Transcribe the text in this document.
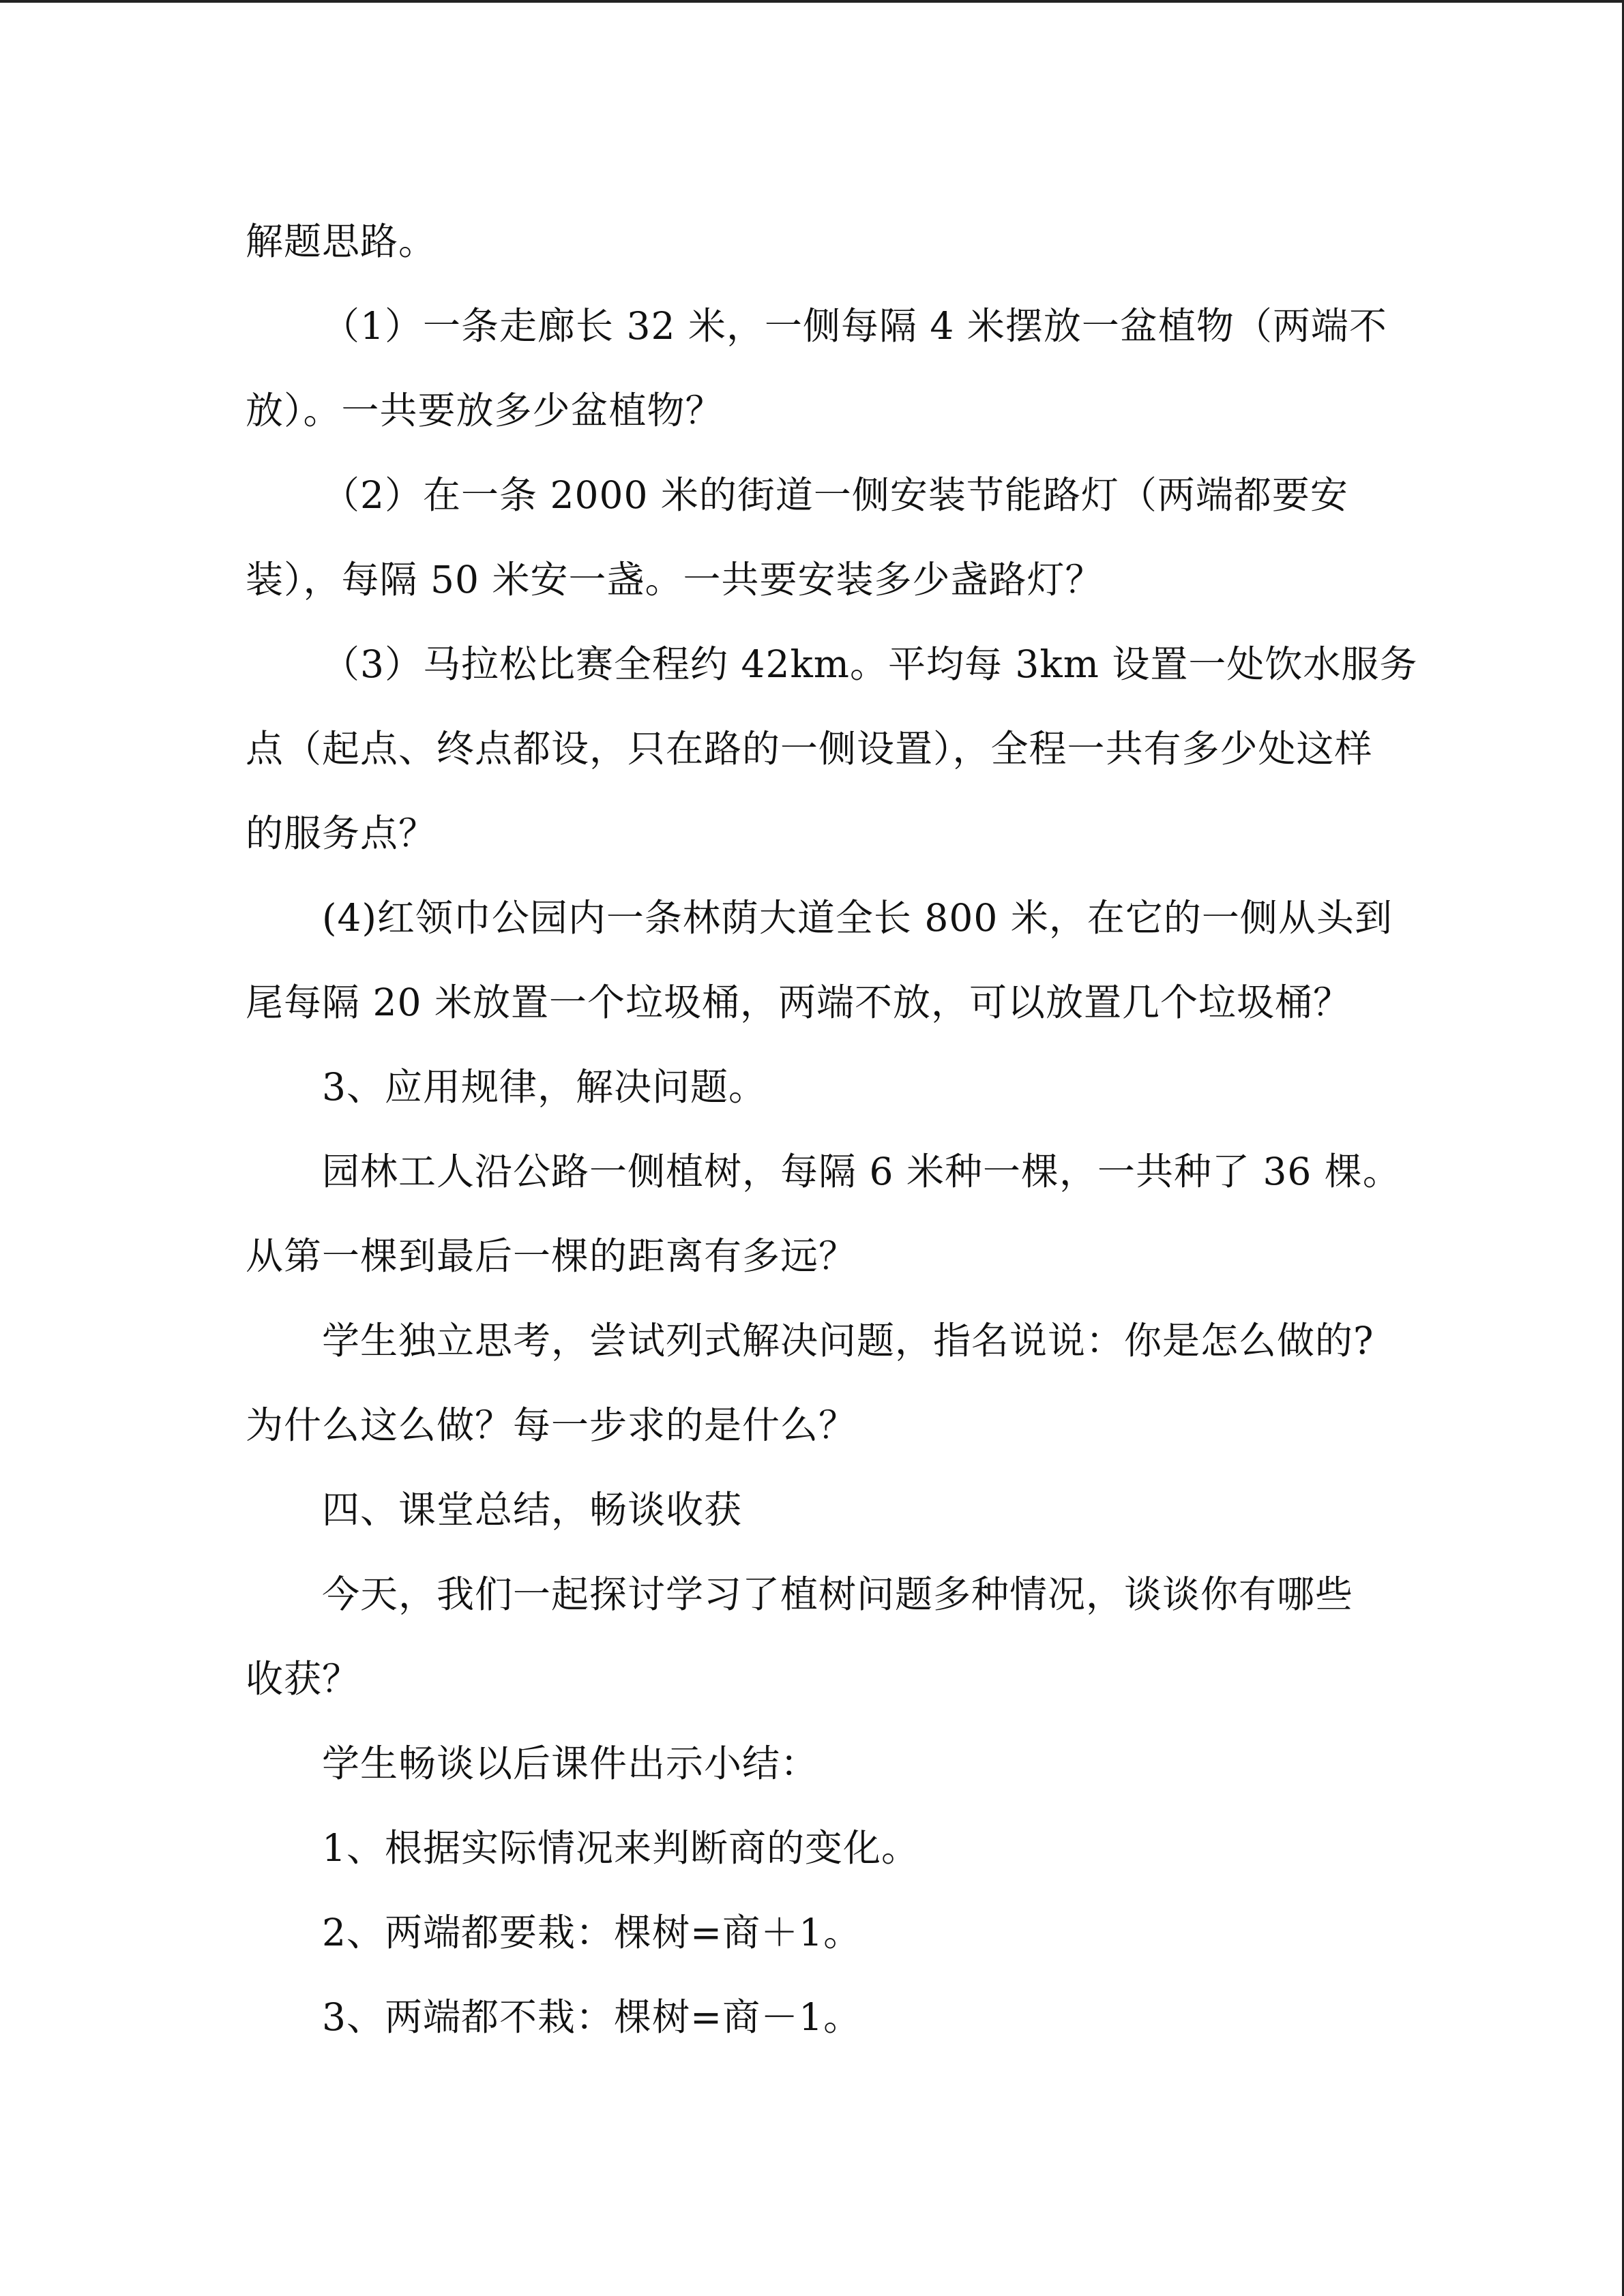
解题思路。
（1）一条走廊长 32 米，一侧每隔 4 米摆放一盆植物（两端不
放）。一共要放多少盆植物？
（2）在一条 2000 米的街道一侧安装节能路灯（两端都要安
装），每隔 50 米安一盏。一共要安装多少盏路灯？
（3）马拉松比赛全程约 42km。平均每 3km 设置一处饮水服务
点（起点、终点都设，只在路的一侧设置），全程一共有多少处这样
的服务点？
(4)红领巾公园内一条林荫大道全长 800 米，在它的一侧从头到
尾每隔 20 米放置一个垃圾桶，两端不放，可以放置几个垃圾桶？
3、应用规律，解决问题。
园林工人沿公路一侧植树，每隔 6 米种一棵，一共种了 36 棵。
从第一棵到最后一棵的距离有多远？
学生独立思考，尝试列式解决问题，指名说说：你是怎么做的?
为什么这么做？每一步求的是什么？
四、课堂总结，畅谈收获
今天，我们一起探讨学习了植树问题多种情况，谈谈你有哪些
收获？
学生畅谈以后课件出示小结：
1、根据实际情况来判断商的变化。
2、两端都要栽：棵树=商＋1。
3、两端都不栽：棵树=商－1。
